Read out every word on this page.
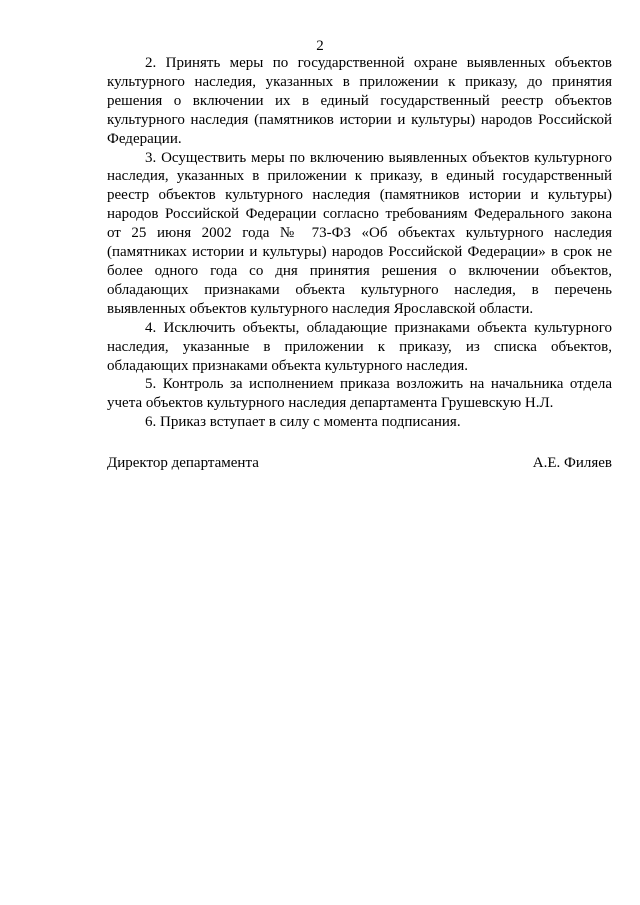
2

2. Принять меры по государственной охране выявленных объектов культурного наследия, указанных в приложении к приказу, до принятия решения о включении их в единый государственный реестр объектов культурного наследия (памятников истории и культуры) народов Российской Федерации.

3. Осуществить меры по включению выявленных объектов культурного наследия, указанных в приложении к приказу, в единый государственный реестр объектов культурного наследия (памятников истории и культуры) народов Российской Федерации согласно требованиям Федерального закона от 25 июня 2002 года № 73-ФЗ «Об объектах культурного наследия (памятниках истории и культуры) народов Российской Федерации» в срок не более одного года со дня принятия решения о включении объектов, обладающих признаками объекта культурного наследия, в перечень выявленных объектов культурного наследия Ярославской области.

4. Исключить объекты, обладающие признаками объекта культурного наследия, указанные в приложении к приказу, из списка объектов, обладающих признаками объекта культурного наследия.

5. Контроль за исполнением приказа возложить на начальника отдела учета объектов культурного наследия департамента Грушевскую Н.Л.

6. Приказ вступает в силу с момента подписания.

Директор департамента	А.Е. Филяев
